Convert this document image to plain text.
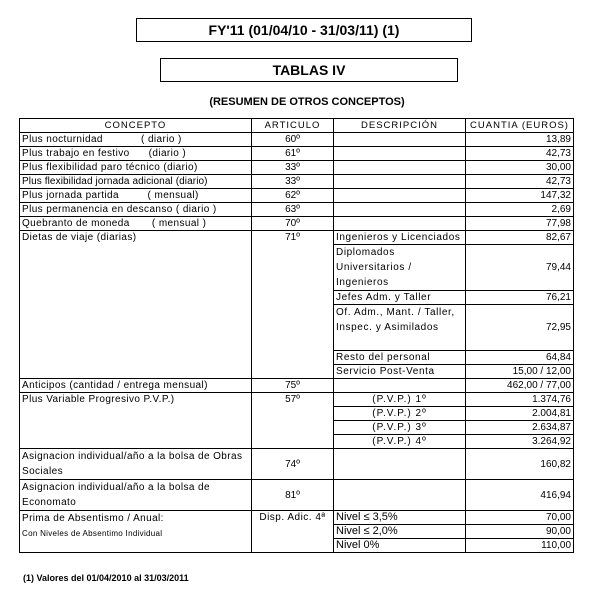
FY'11 (01/04/10 - 31/03/11) (1)
TABLAS IV
(RESUMEN DE OTROS CONCEPTOS)
CONCEPTO	ARTICULO	DESCRIPCIÓN	CUANTIA (EUROS)
Plus nocturnidad            ( diario )	60º		13,89
Plus trabajo en festivo      (diario )	61º		42,73
Plus flexibilidad paro técnico (diario)	33º		30,00
Plus flexibilidad jornada adicional (diario)	33º		42,73
Plus jornada partida         ( mensual)	62º		147,32
Plus permanencia en descanso ( diario )	63º		2,69
Quebranto de moneda       ( mensual )	70º		77,98
Dietas de viaje (diarias)	71º	Ingenieros y Licenciados	82,67
		Diplomados Universitarios / Ingenieros	79,44
		Jefes Adm. y Taller	76,21
		Of. Adm., Mant. / Taller, Inspec. y Asimilados	72,95
		Resto del personal	64,84
		Servicio Post-Venta	15,00 / 12,00
Anticipos (cantidad / entrega mensual)	75º		462,00 / 77,00
Plus Variable Progresivo P.V.P.)	57º	(P.V.P.) 1º	1.374,76
		(P.V.P.) 2º	2.004,81
		(P.V.P.) 3º	2.634,87
		(P.V.P.) 4º	3.264,92
Asignacion individual/año a la bolsa de Obras Sociales	74º		160,82
Asignacion individual/año a la bolsa de Economato	81º		416,94

Prima de Absentismo / Anual:
Con Niveles de Absentimo Individual	Disp. Adic. 4ª	Nivel ≤ 3,5%	70,00
		Nivel ≤ 2,0%	90,00
		Nivel 0%	110,00
(1) Valores del 01/04/2010 al 31/03/2011
